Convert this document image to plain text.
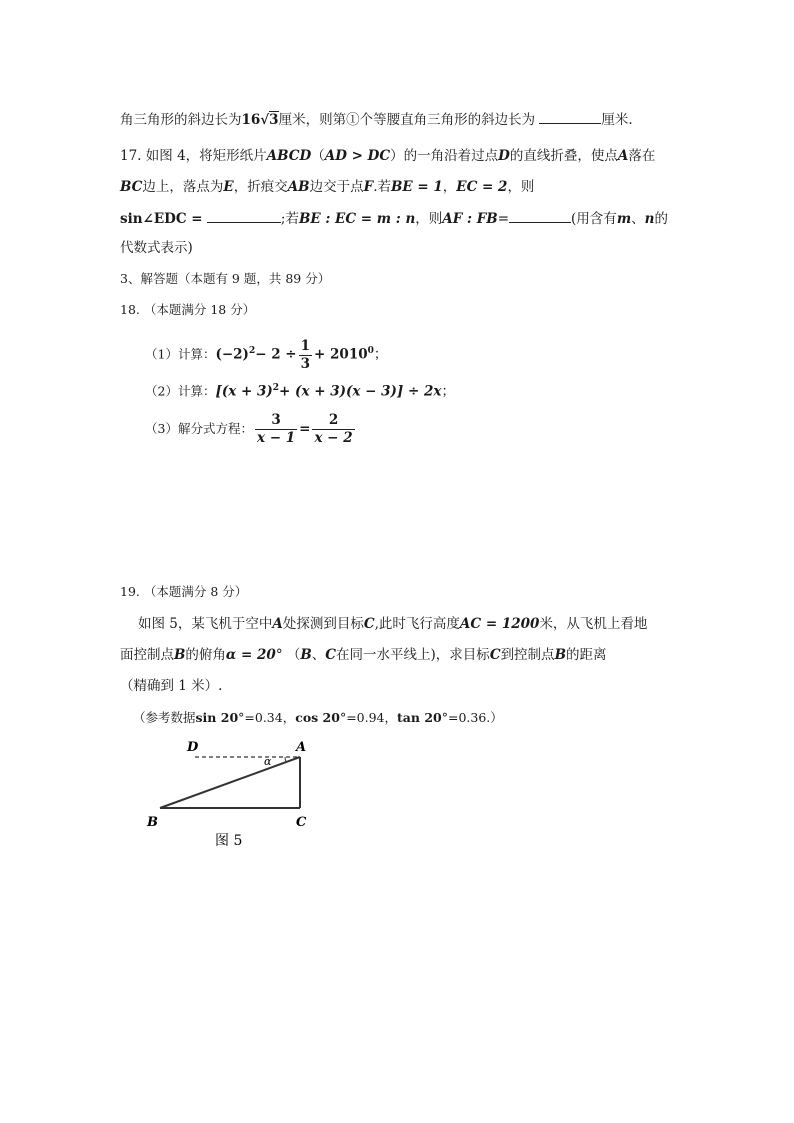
角三角形的斜边长为16√3厘米，则第①个等腰直角三角形的斜边长为	厘米.
17. 如图 4，将矩形纸片ABCD（AD > DC）的一角沿着过点D的直线折叠，使点A落在
BC边上，落点为E，折痕交AB边交于点F.若BE = 1，EC = 2，则
sin∠EDC =	;若BE : EC = m : n，则AF : FB=	(用含有m、n的
代数式表示)
3、解答题（本题有 9 题，共 89 分）
18. （本题满分 18 分）
（1）计算：$(-2)^2- 2 \div \frac{1}{3} + 2010^0$；
（2）计算：$[(x + 3)^2+ (x + 3)(x - 3)] \div 2x$；
（3）解分式方程： $\frac{3}{x - 1} = \frac{2}{x - 2}$
19. （本题满分 8 分）
如图 5，某飞机于空中A处探测到目标C,此时飞行高度AC = 1200米，从飞机上看地
面控制点B的俯角α = 20° （B、C在同一水平线上)，求目标C到控制点B的距离
（精确到 1 米）.
（参考数据sin 20°=0.34，cos 20°=0.94，tan 20°=0.36.）
D	A
α
B	C
图 5
